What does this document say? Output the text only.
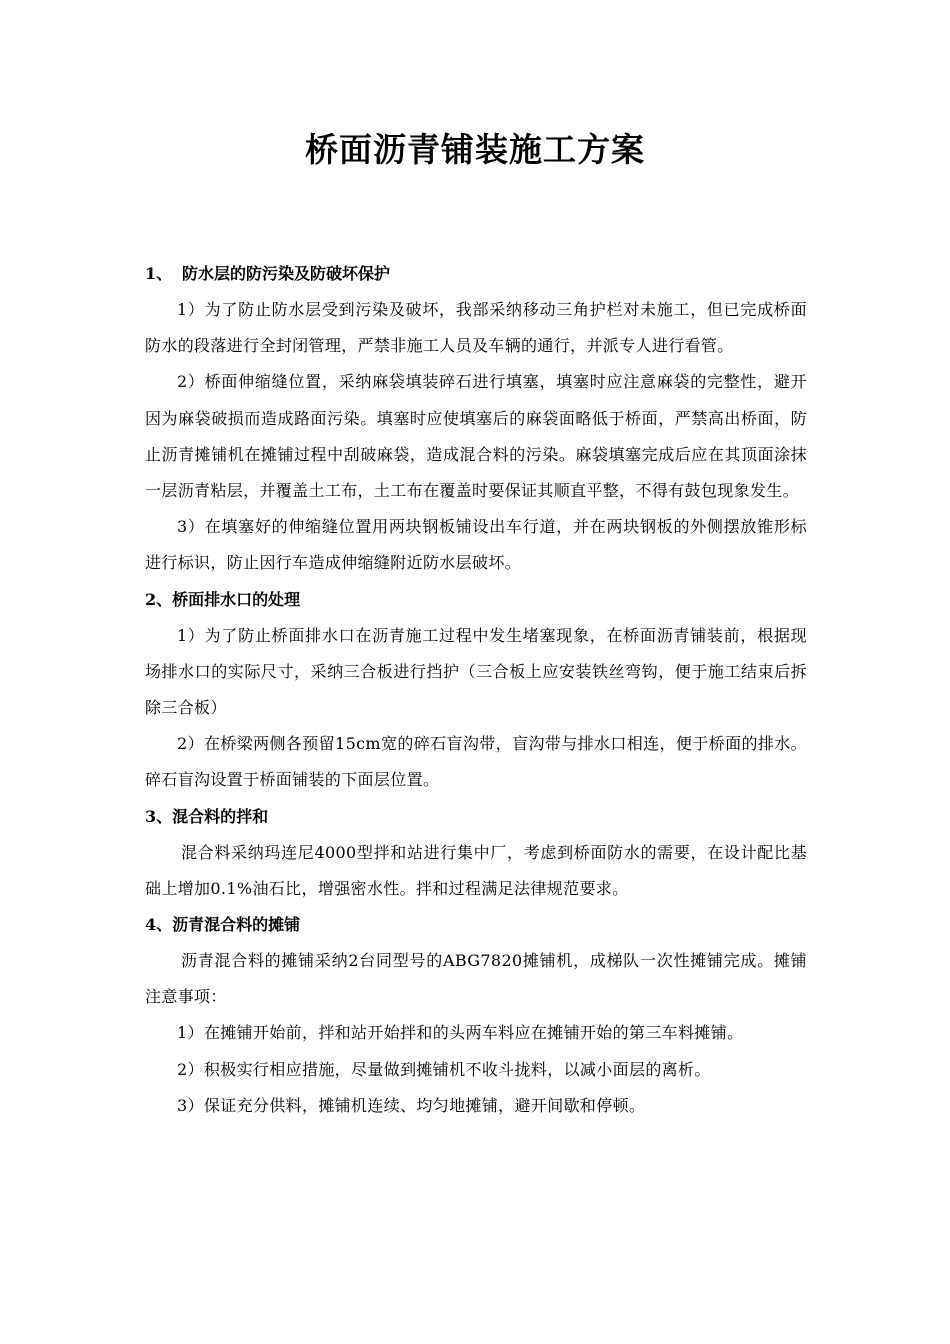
桥面沥青铺装施工方案

1、 防水层的防污染及防破坏保护

1）为了防止防水层受到污染及破坏，我部采纳移动三角护栏对未施工，但已完成桥面防水的段落进行全封闭管理，严禁非施工人员及车辆的通行，并派专人进行看管。

2）桥面伸缩缝位置，采纳麻袋填装碎石进行填塞，填塞时应注意麻袋的完整性，避开因为麻袋破损而造成路面污染。填塞时应使填塞后的麻袋面略低于桥面，严禁高出桥面，防止沥青摊铺机在摊铺过程中刮破麻袋，造成混合料的污染。麻袋填塞完成后应在其顶面涂抹一层沥青粘层，并覆盖土工布，土工布在覆盖时要保证其顺直平整，不得有鼓包现象发生。

3）在填塞好的伸缩缝位置用两块钢板铺设出车行道，并在两块钢板的外侧摆放锥形标进行标识，防止因行车造成伸缩缝附近防水层破坏。

2、桥面排水口的处理

1）为了防止桥面排水口在沥青施工过程中发生堵塞现象，在桥面沥青铺装前，根据现场排水口的实际尺寸，采纳三合板进行挡护（三合板上应安装铁丝弯钩，便于施工结束后拆除三合板）

2）在桥梁两侧各预留15cm宽的碎石盲沟带，盲沟带与排水口相连，便于桥面的排水。碎石盲沟设置于桥面铺装的下面层位置。

3、混合料的拌和

混合料采纳玛连尼4000型拌和站进行集中厂，考虑到桥面防水的需要，在设计配比基础上增加0.1%油石比，增强密水性。拌和过程满足法律规范要求。

4、沥青混合料的摊铺

沥青混合料的摊铺采纳2台同型号的ABG7820摊铺机，成梯队一次性摊铺完成。摊铺注意事项：

1）在摊铺开始前，拌和站开始拌和的头两车料应在摊铺开始的第三车料摊铺。

2）积极实行相应措施，尽量做到摊铺机不收斗拢料，以减小面层的离析。

3）保证充分供料，摊铺机连续、均匀地摊铺，避开间歇和停顿。
